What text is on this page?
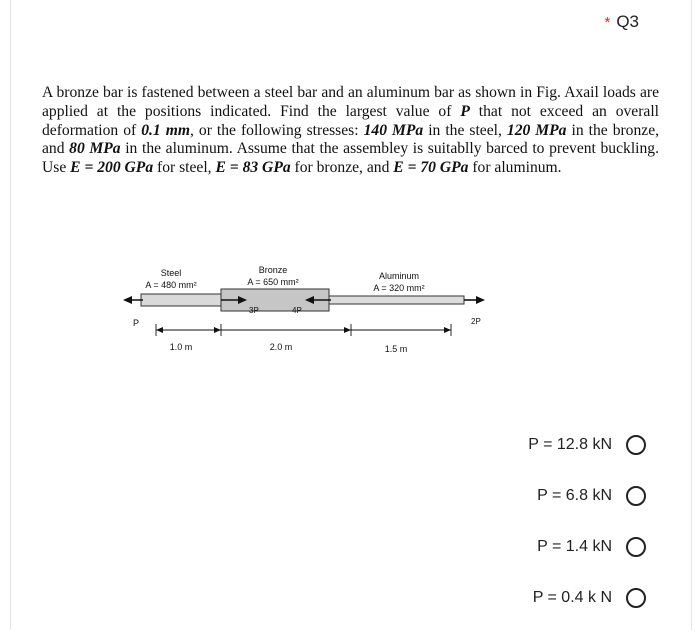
* Q3

A bronze bar is fastened between a steel bar and an aluminum bar as shown in Fig. Axail loads are applied at the positions indicated. Find the largest value of P that not exceed an overall deformation of 0.1 mm, or the following stresses: 140 MPa in the steel, 120 MPa in the bronze, and 80 MPa in the aluminum. Assume that the assembley is suitablly barced to prevent buckling. Use E = 200 GPa for steel, E = 83 GPa for bronze, and E = 70 GPa for aluminum.

Steel
A = 480 mm²
Bronze
A = 650 mm²
Aluminum
A = 320 mm²
P
3P	4P
2P
1.0 m	2.0 m	1.5 m
P = 12.8 kN
P = 6.8 kN
P = 1.4 kN
P = 0.4 k N
